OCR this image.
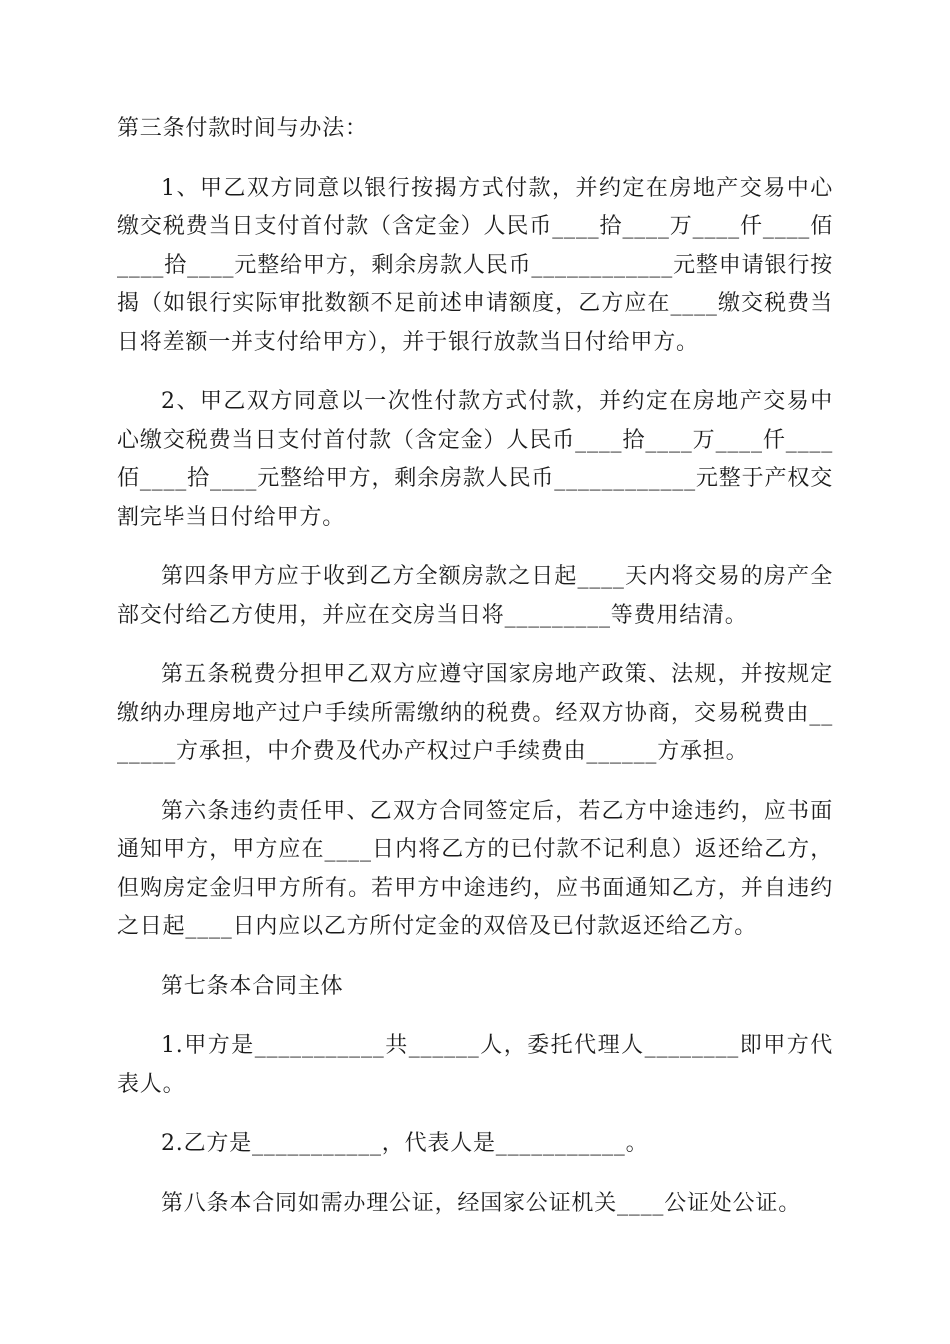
第三条付款时间与办法：

1、甲乙双方同意以银行按揭方式付款，并约定在房地产交易中心缴交税费当日支付首付款（含定金）人民币____拾____万____仟____佰____拾____元整给甲方，剩余房款人民币____________元整申请银行按揭（如银行实际审批数额不足前述申请额度，乙方应在____缴交税费当日将差额一并支付给甲方），并于银行放款当日付给甲方。

2、甲乙双方同意以一次性付款方式付款，并约定在房地产交易中心缴交税费当日支付首付款（含定金）人民币____拾____万____仟____佰____拾____元整给甲方，剩余房款人民币____________元整于产权交割完毕当日付给甲方。

第四条甲方应于收到乙方全额房款之日起____天内将交易的房产全部交付给乙方使用，并应在交房当日将_________等费用结清。

第五条税费分担甲乙双方应遵守国家房地产政策、法规，并按规定缴纳办理房地产过户手续所需缴纳的税费。经双方协商，交易税费由_______方承担，中介费及代办产权过户手续费由______方承担。

第六条违约责任甲、乙双方合同签定后，若乙方中途违约，应书面通知甲方，甲方应在____日内将乙方的已付款不记利息）返还给乙方，但购房定金归甲方所有。若甲方中途违约，应书面通知乙方，并自违约之日起____日内应以乙方所付定金的双倍及已付款返还给乙方。

第七条本合同主体

1.甲方是___________共______人，委托代理人________即甲方代表人。

2.乙方是___________，代表人是___________。

第八条本合同如需办理公证，经国家公证机关____公证处公证。
